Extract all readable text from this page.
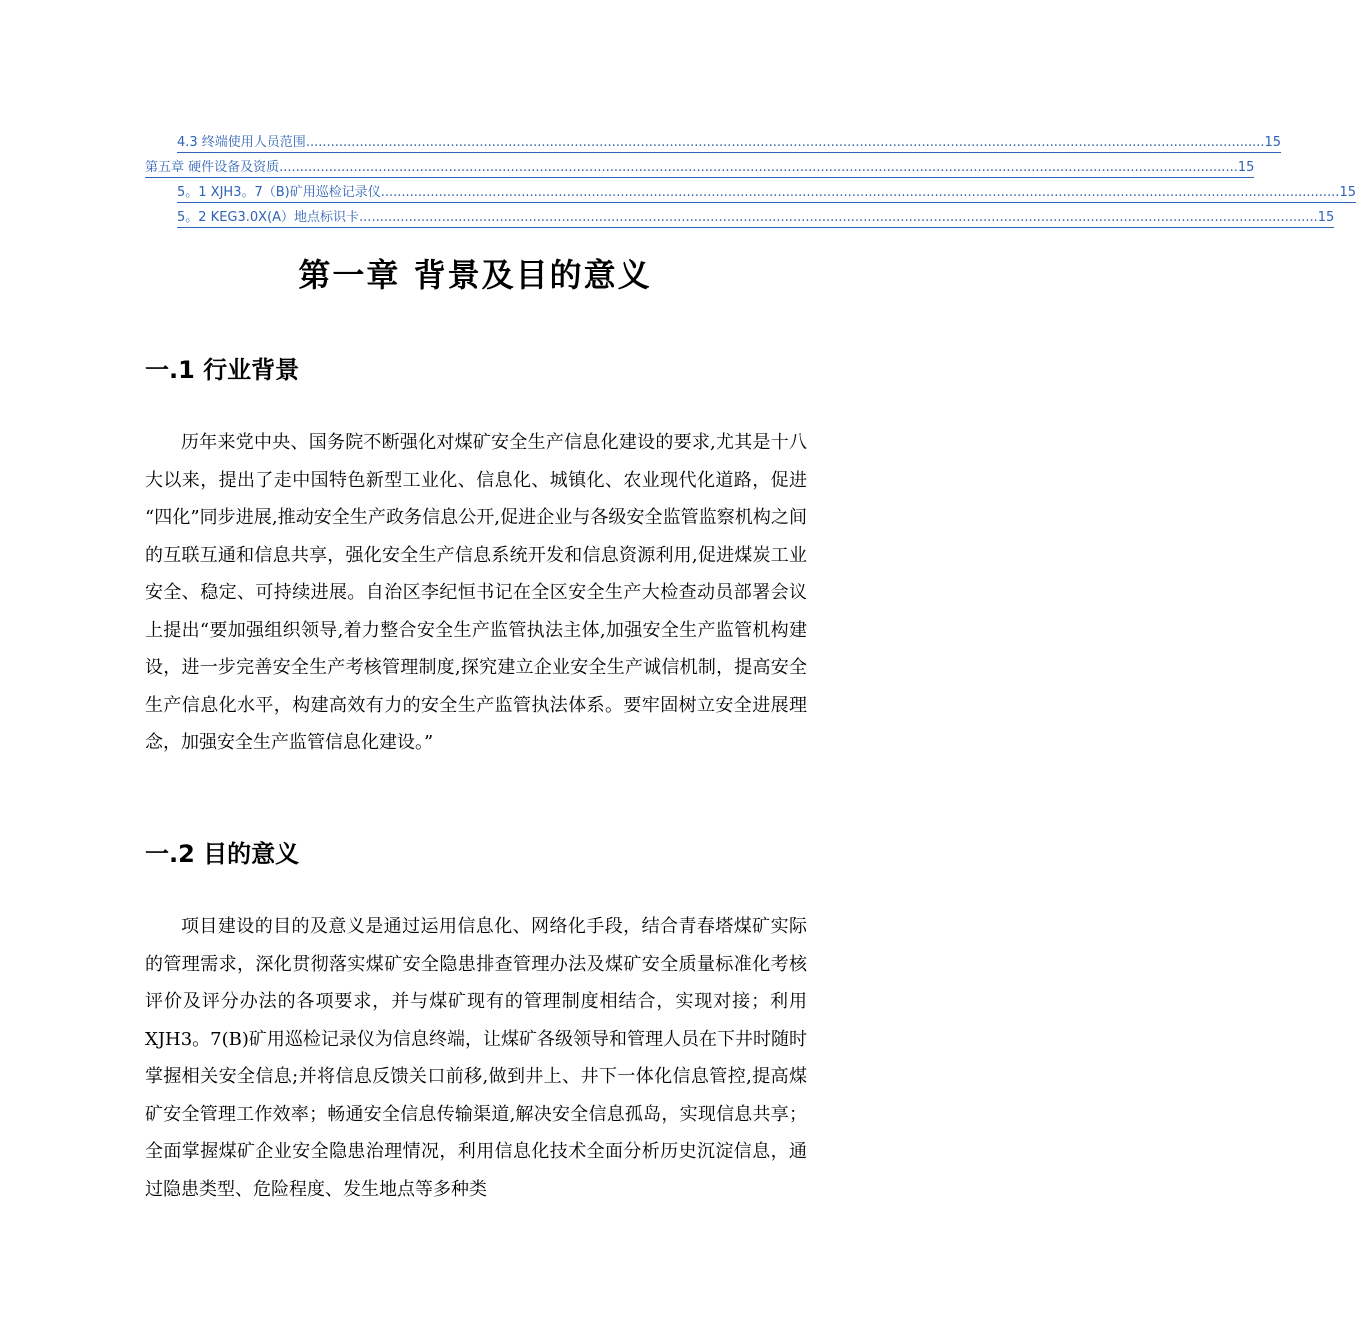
4.3 终端使用人员范围 ........................................................................................................................................................................................................................................ 15
第五章 硬件设备及资质 ........................................................................................................................................................................................................................................ 15
5。1 XJH3。7（B)矿用巡检记录仪 ........................................................................................................................................................................................................................................ 15
5。2 KEG3.0X(A）地点标识卡 ........................................................................................................................................................................................................................................ 15
第一章 背景及目的意义
一.1 行业背景

历年来党中央、国务院不断强化对煤矿安全生产信息化建设的要求,尤其是十八大以来，提出了走中国特色新型工业化、信息化、城镇化、农业现代化道路，促进 “四化”同步进展,推动安全生产政务信息公开,促进企业与各级安全监管监察机构之间的互联互通和信息共享，强化安全生产信息系统开发和信息资源利用,促进煤炭工业安全、稳定、可持续进展。自治区李纪恒书记在全区安全生产大检查动员部署会议上提出“要加强组织领导,着力整合安全生产监管执法主体,加强安全生产监管机构建设，进一步完善安全生产考核管理制度,探究建立企业安全生产诚信机制，提高安全生产信息化水平，构建高效有力的安全生产监管执法体系。要牢固树立安全进展理念，加强安全生产监管信息化建设。”

一.2 目的意义

项目建设的目的及意义是通过运用信息化、网络化手段，结合青春塔煤矿实际的管理需求，深化贯彻落实煤矿安全隐患排查管理办法及煤矿安全质量标准化考核评价及评分办法的各项要求，并与煤矿现有的管理制度相结合，实现对接；利用XJH3。7(B)矿用巡检记录仪为信息终端，让煤矿各级领导和管理人员在下井时随时掌握相关安全信息;并将信息反馈关口前移,做到井上、井下一体化信息管控,提高煤矿安全管理工作效率；畅通安全信息传输渠道,解决安全信息孤岛，实现信息共享；全面掌握煤矿企业安全隐患治理情况，利用信息化技术全面分析历史沉淀信息，通过隐患类型、危险程度、发生地点等多种类
